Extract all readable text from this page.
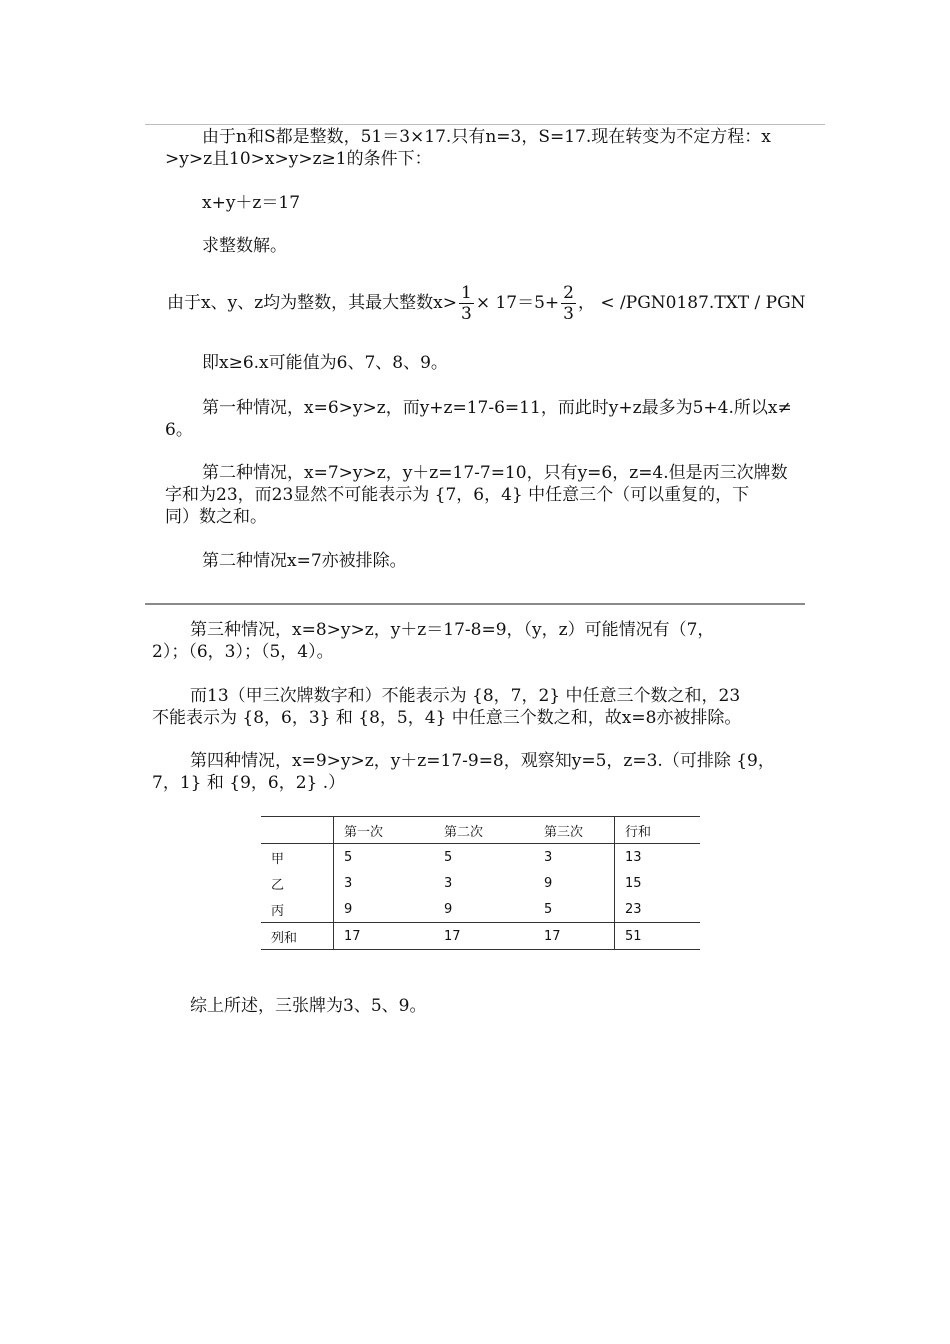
由于n和S都是整数，51＝3×17.只有n=3，S=17.现在转变为不定方程：x
>y>z且10>x>y>z≥1的条件下：
x+y＋z＝17
求整数解。
由于x、y、z均为整数，其最大整数$x> \frac{1}{3} \times 17=5+ \frac{2}{3}$ ， < /PGN0187.TXT / PGN
即x≥6.x可能值为6、7、8、9。
第一种情况，x=6>y>z，而y+z=17-6=11，而此时y+z最多为5+4.所以x≠
6。
第二种情况，x=7>y>z，y＋z=17-7=10，只有y=6，z=4.但是丙三次牌数
字和为23，而23显然不可能表示为 {7，6，4} 中任意三个（可以重复的，下
同）数之和。
第二种情况x=7亦被排除。
第三种情况，x=8>y>z，y＋z＝17-8=9，（y，z）可能情况有（7，
2）；（6，3）；（5，4）。
而13（甲三次牌数字和）不能表示为 {8，7，2} 中任意三个数之和，23
不能表示为 {8，6，3} 和 {8，5，4} 中任意三个数之和，故x=8亦被排除。
第四种情况，x=9>y>z，y＋z=17-9=8，观察知y=5，z=3.（可排除 {9，
7，1} 和 {9，6，2} .）
	第一次	第二次	第三次	行和
甲	5	5	3	13
乙	3	3	9	15
丙	9	9	5	23
列和	17	17	17	51
综上所述，三张牌为3、5、9。
